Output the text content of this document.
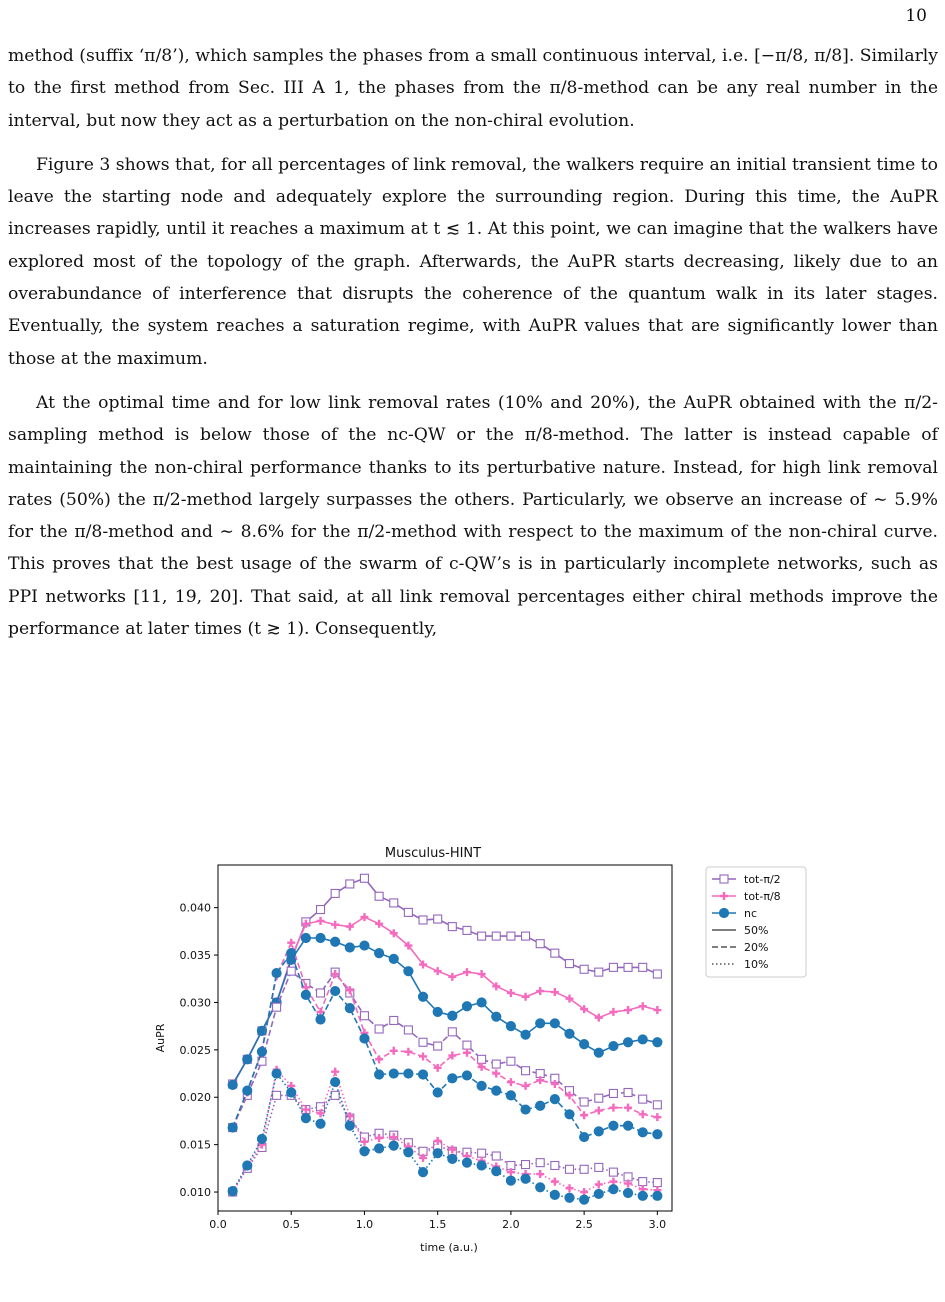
10

method (suffix ‘π/8’), which samples the phases from a small continuous interval, i.e. [−π/8, π/8]. Similarly to the first method from Sec. III A 1, the phases from the π/8-method can be any real number in the interval, but now they act as a perturbation on the non-chiral evolution.

Figure 3 shows that, for all percentages of link removal, the walkers require an initial transient time to leave the starting node and adequately explore the surrounding region. During this time, the AuPR increases rapidly, until it reaches a maximum at t ≲ 1. At this point, we can imagine that the walkers have explored most of the topology of the graph. Afterwards, the AuPR starts decreasing, likely due to an overabundance of interference that disrupts the coherence of the quantum walk in its later stages. Eventually, the system reaches a saturation regime, with AuPR values that are significantly lower than those at the maximum.

At the optimal time and for low link removal rates (10% and 20%), the AuPR obtained with the π/2-sampling method is below those of the nc-QW or the π/8-method. The latter is instead capable of maintaining the non-chiral performance thanks to its perturbative nature. Instead, for high link removal rates (50%) the π/2-method largely surpasses the others. Particularly, we observe an increase of ∼ 5.9% for the π/8-method and ∼ 8.6% for the π/2-method with respect to the maximum of the non-chiral curve. This proves that the best usage of the swarm of c-QW’s is in particularly incomplete networks, such as PPI networks [11, 19, 20]. That said, at all link removal percentages either chiral methods improve the performance at later times (t ≳ 1). Consequently,

Musculus-HINT
time (a.u.)
AuPR
0.0	0.5	1.0	1.5	2.0	2.5	3.0
0.010
0.015
0.020
0.025
0.030
0.035
0.040
tot-π/2
tot-π/8
nc
50%
20%
10%
